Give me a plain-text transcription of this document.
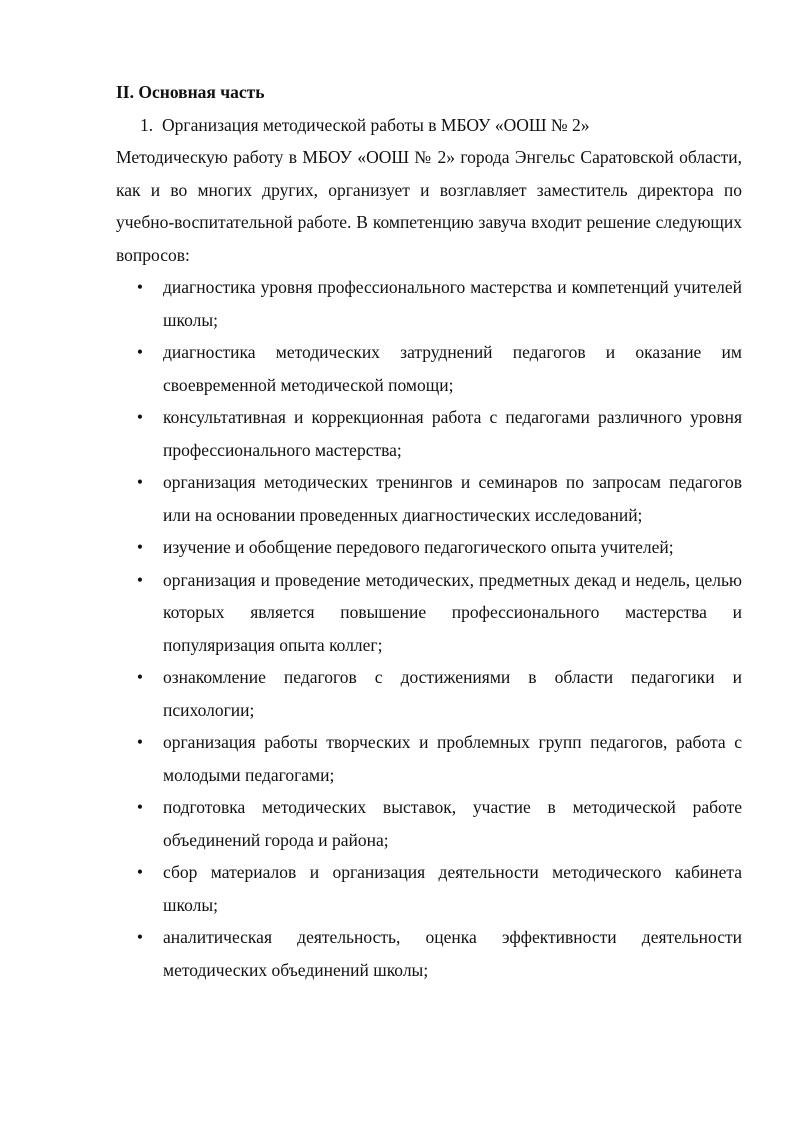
II. Основная часть

1. Организация методической работы в МБОУ «ООШ № 2»

Методическую работу в МБОУ «ООШ № 2» города Энгельс Саратовской области, как и во многих других, организует и возглавляет заместитель директора по учебно-воспитательной работе. В компетенцию завуча входит решение следующих вопросов:

• диагностика уровня профессионального мастерства и компетенций учителей школы;
• диагностика методических затруднений педагогов и оказание им своевременной методической помощи;
• консультативная и коррекционная работа с педагогами различного уровня профессионального мастерства;
• организация методических тренингов и семинаров по запросам педагогов или на основании проведенных диагностических исследований;
• изучение и обобщение передового педагогического опыта учителей;
• организация и проведение методических, предметных декад и недель, целью которых является повышение профессионального мастерства и популяризация опыта коллег;
• ознакомление педагогов с достижениями в области педагогики и психологии;
• организация работы творческих и проблемных групп педагогов, работа с молодыми педагогами;
• подготовка методических выставок, участие в методической работе объединений города и района;
• сбор материалов и организация деятельности методического кабинета школы;
• аналитическая деятельность, оценка эффективности деятельности методических объединений школы;
